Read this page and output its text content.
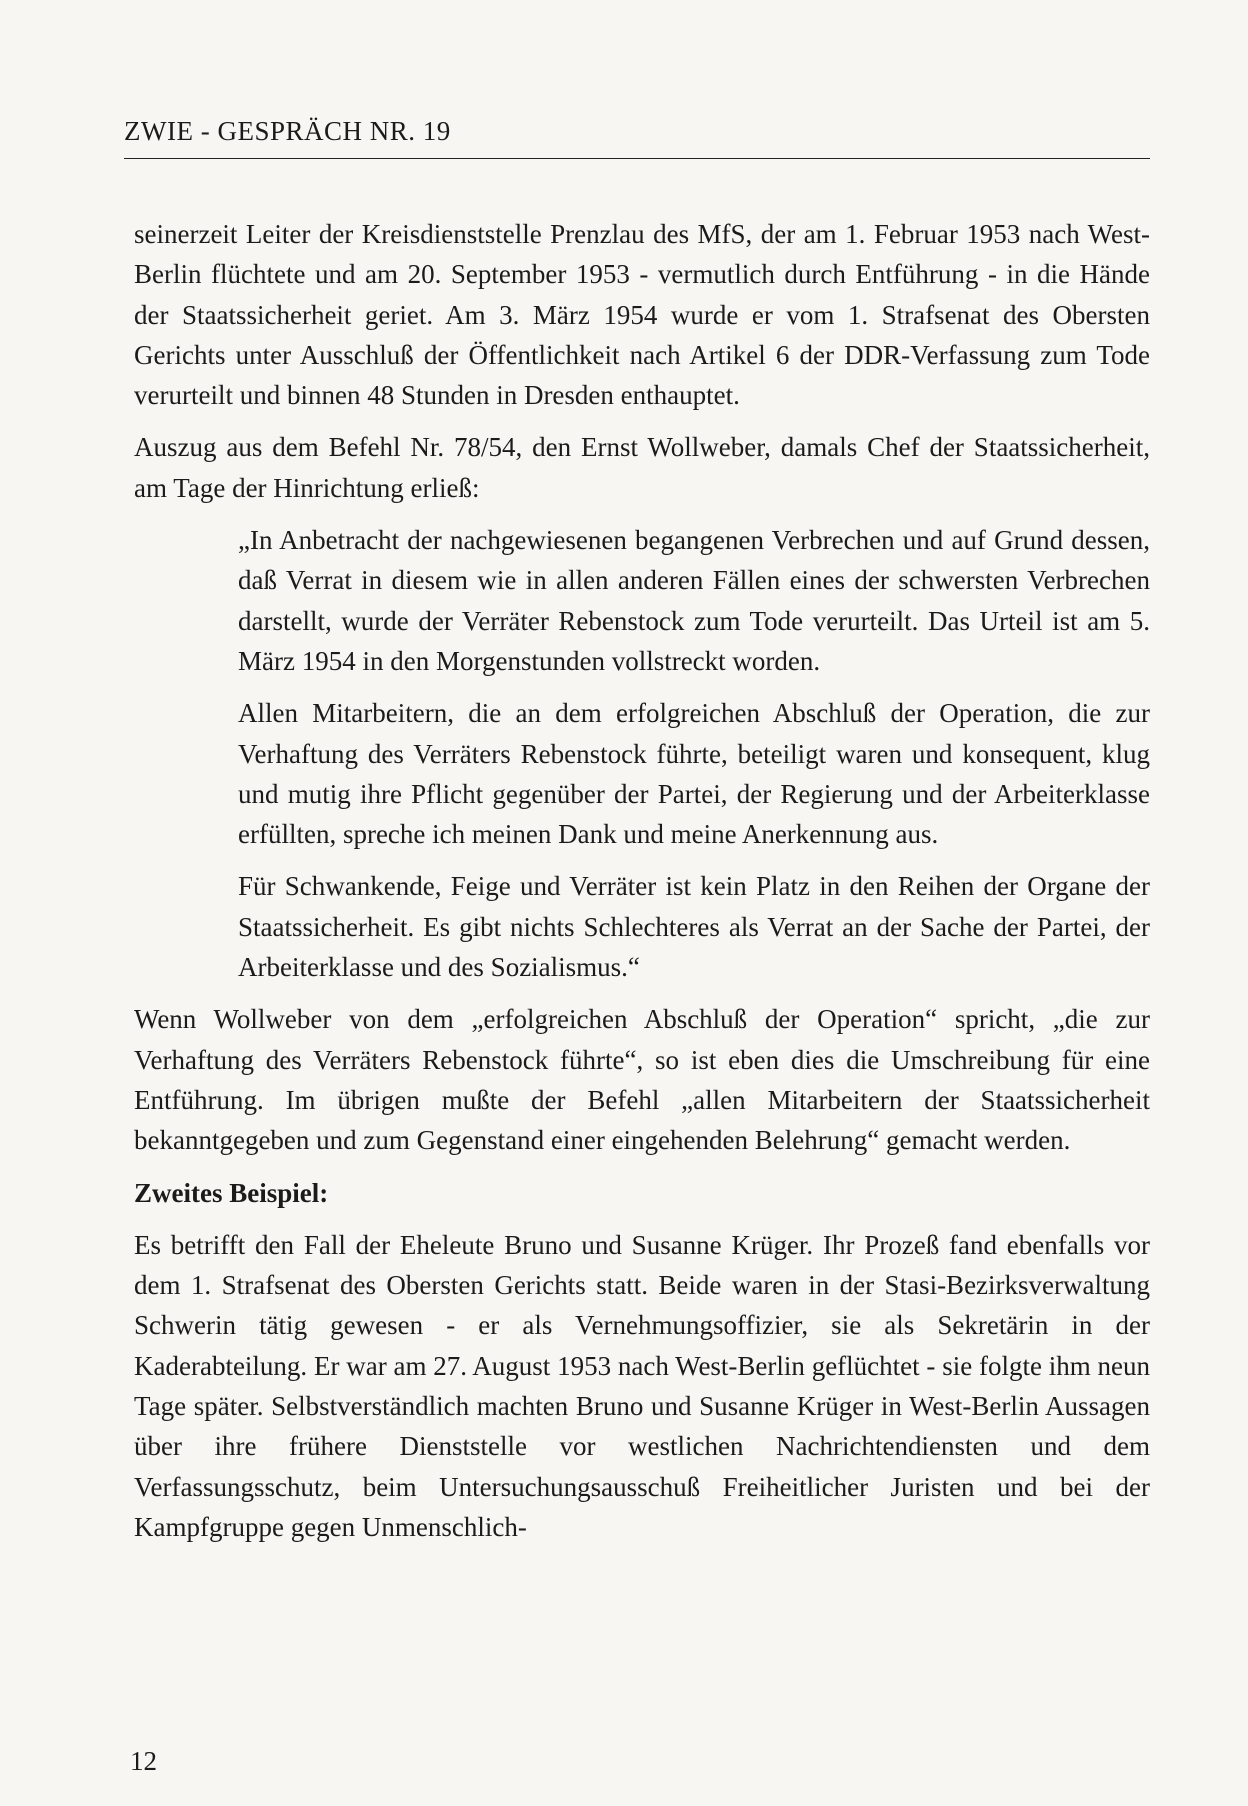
ZWIE - GESPRÄCH NR. 19

seinerzeit Leiter der Kreisdienststelle Prenzlau des MfS, der am 1. Februar 1953 nach West-Berlin flüchtete und am 20. September 1953 - vermutlich durch Entführung - in die Hände der Staatssicherheit geriet. Am 3. März 1954 wurde er vom 1. Strafsenat des Obersten Gerichts unter Ausschluß der Öffentlichkeit nach Artikel 6 der DDR-Verfassung zum Tode verurteilt und binnen 48 Stunden in Dresden enthauptet.

Auszug aus dem Befehl Nr. 78/54, den Ernst Wollweber, damals Chef der Staatssicherheit, am Tage der Hinrichtung erließ:

„In Anbetracht der nachgewiesenen begangenen Verbrechen und auf Grund dessen, daß Verrat in diesem wie in allen anderen Fällen eines der schwersten Verbrechen darstellt, wurde der Verräter Rebenstock zum Tode verurteilt. Das Urteil ist am 5. März 1954 in den Morgenstunden vollstreckt worden.

Allen Mitarbeitern, die an dem erfolgreichen Abschluß der Operation, die zur Verhaftung des Verräters Rebenstock führte, beteiligt waren und konsequent, klug und mutig ihre Pflicht gegenüber der Partei, der Regierung und der Arbeiterklasse erfüllten, spreche ich meinen Dank und meine Anerkennung aus.

Für Schwankende, Feige und Verräter ist kein Platz in den Reihen der Organe der Staatssicherheit. Es gibt nichts Schlechteres als Verrat an der Sache der Partei, der Arbeiterklasse und des Sozialismus.“

Wenn Wollweber von dem „erfolgreichen Abschluß der Operation“ spricht, „die zur Verhaftung des Verräters Rebenstock führte“, so ist eben dies die Umschreibung für eine Entführung. Im übrigen mußte der Befehl „allen Mitarbeitern der Staatssicherheit bekanntgegeben und zum Gegenstand einer eingehenden Belehrung“ gemacht werden.

Zweites Beispiel:

Es betrifft den Fall der Eheleute Bruno und Susanne Krüger. Ihr Prozeß fand ebenfalls vor dem 1. Strafsenat des Obersten Gerichts statt. Beide waren in der Stasi-Bezirksverwaltung Schwerin tätig gewesen - er als Vernehmungsoffizier, sie als Sekretärin in der Kaderabteilung. Er war am 27. August 1953 nach West-Berlin geflüchtet - sie folgte ihm neun Tage später. Selbstverständlich machten Bruno und Susanne Krüger in West-Berlin Aussagen über ihre frühere Dienststelle vor westlichen Nachrichtendiensten und dem Verfassungsschutz, beim Untersuchungsausschuß Freiheitlicher Juristen und bei der Kampfgruppe gegen Unmenschlich-

12
